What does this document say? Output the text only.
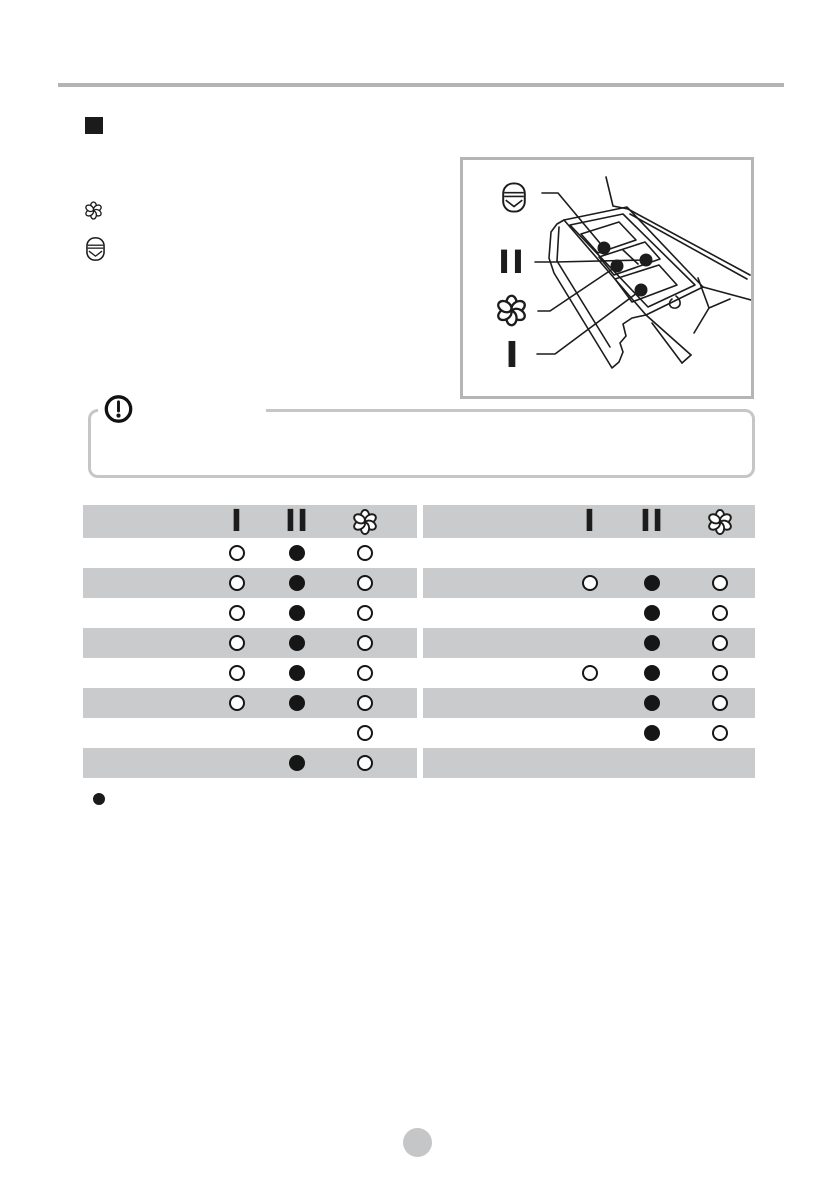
II
I
I II	I II
